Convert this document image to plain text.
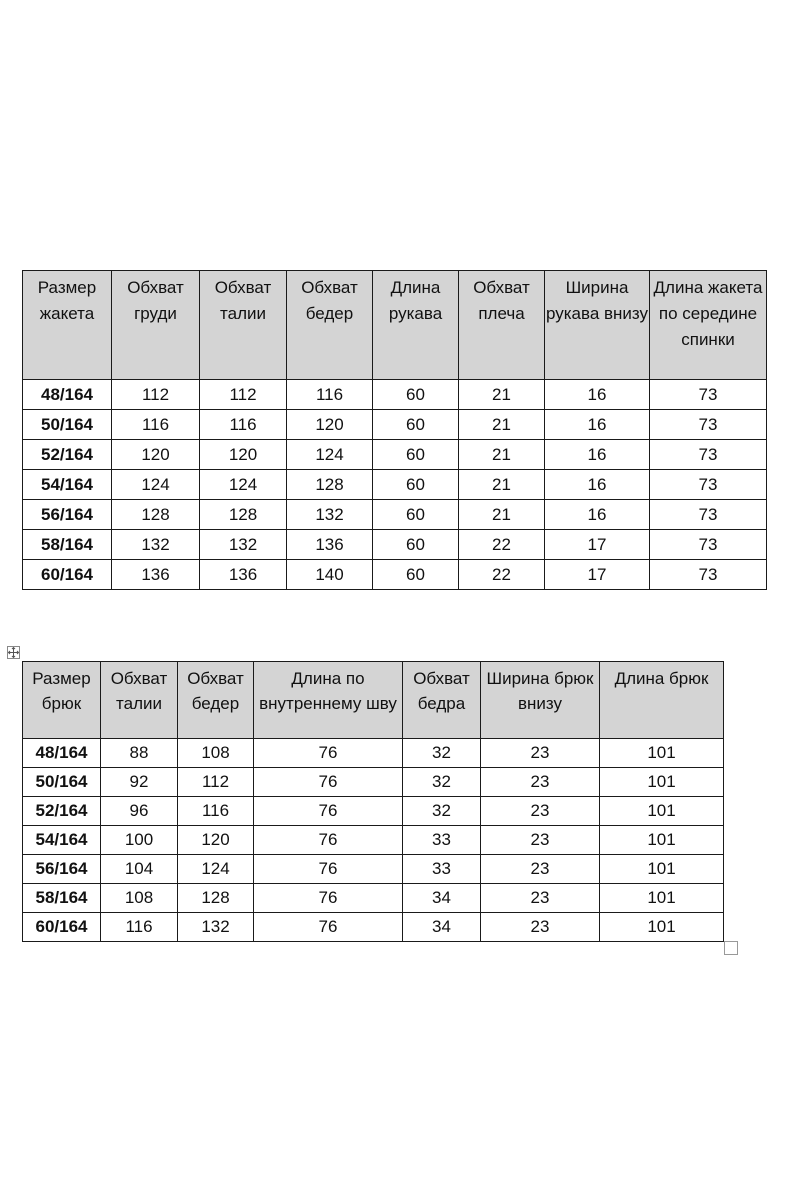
Размер жакета	Обхват груди	Обхват талии	Обхват бедер	Длина рукава	Обхват плеча	Ширина рукава внизу	Длина жакета по середине спинки
48/164	112	112	116	60	21	16	73
50/164	116	116	120	60	21	16	73
52/164	120	120	124	60	21	16	73
54/164	124	124	128	60	21	16	73
56/164	128	128	132	60	21	16	73
58/164	132	132	136	60	22	17	73
60/164	136	136	140	60	22	17	73
Размер брюк	Обхват талии	Обхват бедер	Длина по внутреннему шву	Обхват бедра	Ширина брюк внизу	Длина брюк
48/164	88	108	76	32	23	101
50/164	92	112	76	32	23	101
52/164	96	116	76	32	23	101
54/164	100	120	76	33	23	101
56/164	104	124	76	33	23	101
58/164	108	128	76	34	23	101
60/164	116	132	76	34	23	101
